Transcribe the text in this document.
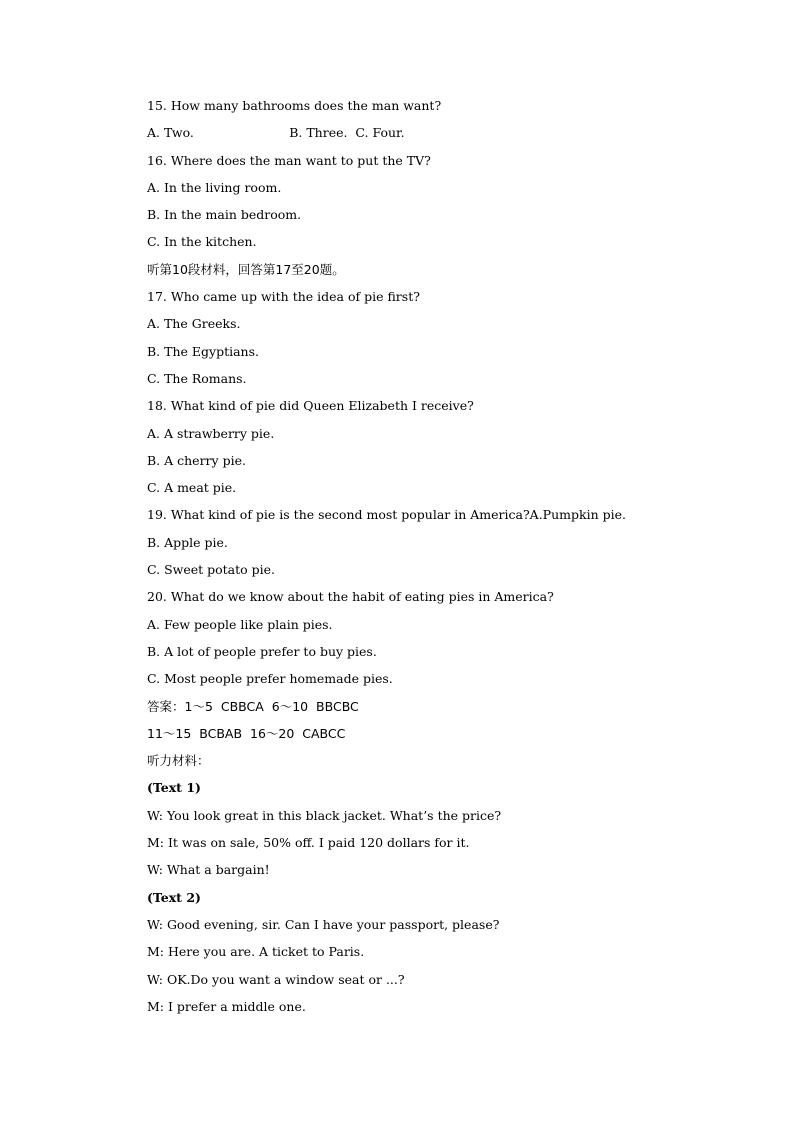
15. How many bathrooms does the man want?
A. Two.                        B. Three.  C. Four.
16. Where does the man want to put the TV?
A. In the living room.
B. In the main bedroom.
C. In the kitchen.
听第10段材料，回答第17至20题。
17. Who came up with the idea of pie first?
A. The Greeks.
B. The Egyptians.
C. The Romans.
18. What kind of pie did Queen Elizabeth Ⅰ receive?
A. A strawberry pie.
B. A cherry pie.
C. A meat pie.
19. What kind of pie is the second most popular in America?A.Pumpkin pie.
B. Apple pie.
C. Sweet potato pie.
20. What do we know about the habit of eating pies in America?
A. Few people like plain pies.
B. A lot of people prefer to buy pies.
C. Most people prefer homemade pies.
答案：1～5  CBBCA  6～10  BBCBC
11～15  BCBAB  16～20  CABCC
听力材料：
(Text 1)
W: You look great in this black jacket. What’s the price?
M: It was on sale, 50% off. I paid 120 dollars for it.
W: What a bargain!
(Text 2)
W: Good evening, sir. Can I have your passport, please?
M: Here you are. A ticket to Paris.
W: OK.Do you want a window seat or ...?
M: I prefer a middle one.
